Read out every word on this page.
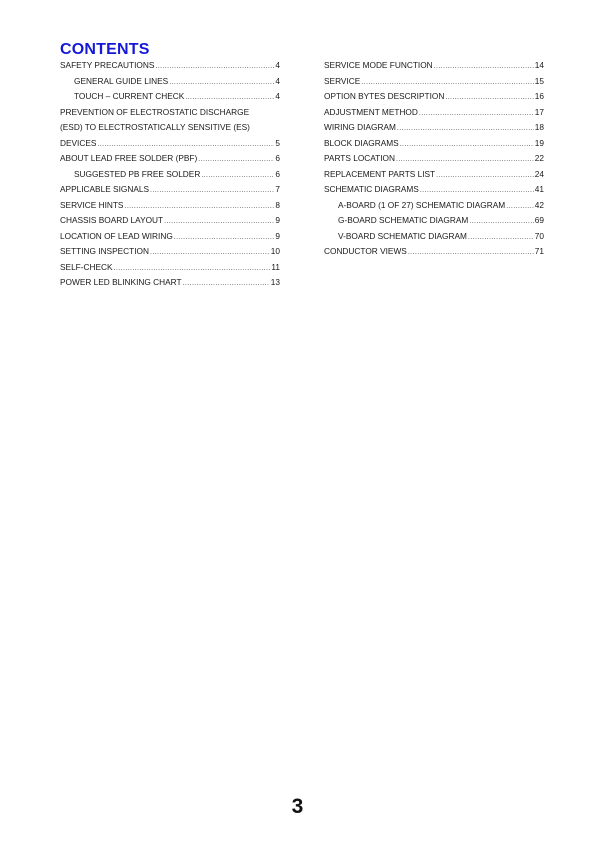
CONTENTS
SAFETY PRECAUTIONS .....	4
GENERAL GUIDE LINES .....	4
TOUCH – CURRENT CHECK .....	4
PREVENTION OF ELECTROSTATIC DISCHARGE
(ESD) TO ELECTROSTATICALLY SENSITIVE (ES)
DEVICES .....	5
ABOUT LEAD FREE SOLDER (PBF) .....	6
SUGGESTED PB FREE SOLDER .....	6
APPLICABLE SIGNALS .....	7
SERVICE HINTS .....	8
CHASSIS BOARD LAYOUT .....	9
LOCATION OF LEAD WIRING .....	9
SETTING INSPECTION .....	10
SELF-CHECK .....	11
POWER LED BLINKING CHART .....	13
SERVICE MODE FUNCTION .....	14
SERVICE .....	15
OPTION BYTES DESCRIPTION .....	16
ADJUSTMENT METHOD .....	17
WIRING DIAGRAM .....	18
BLOCK DIAGRAMS .....	19
PARTS LOCATION .....	22
REPLACEMENT PARTS LIST .....	24
SCHEMATIC DIAGRAMS .....	41
A-BOARD (1 OF 27) SCHEMATIC DIAGRAM .....	42
G-BOARD SCHEMATIC DIAGRAM .....	69
V-BOARD SCHEMATIC DIAGRAM .....	70
CONDUCTOR VIEWS .....	71
3
